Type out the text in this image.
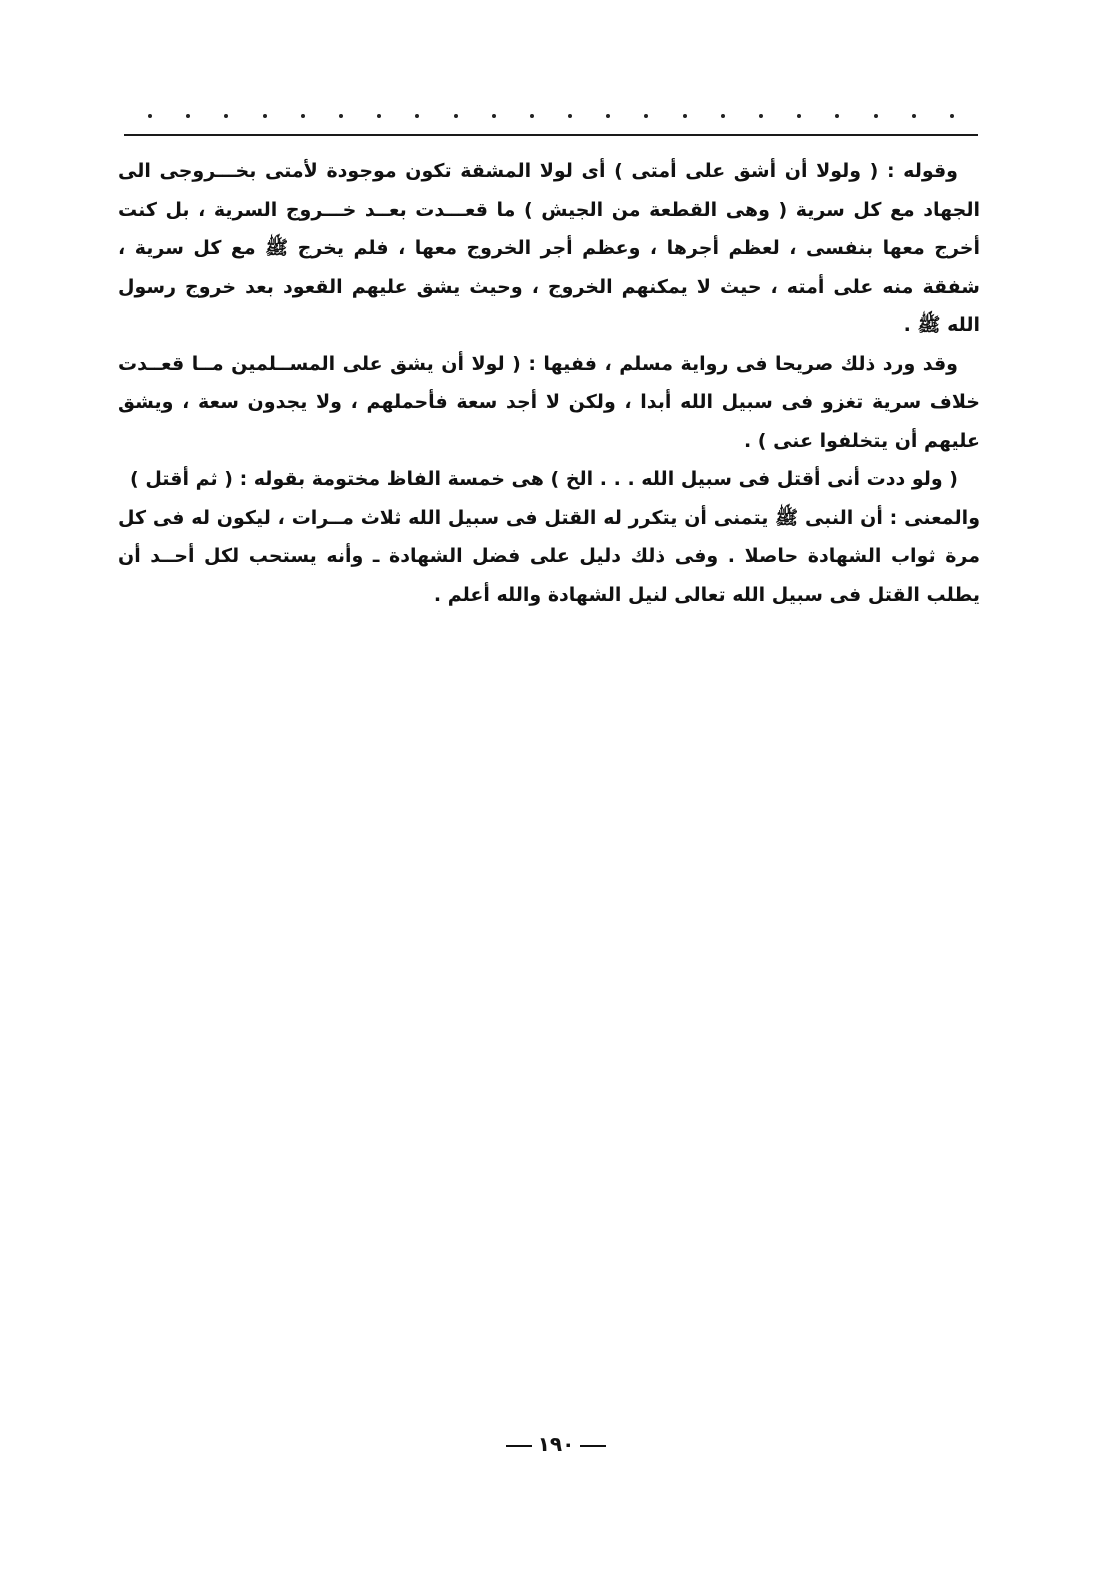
وقوله : ( ولولا أن أشق على أمتى ) أى لولا المشقة تكون موجودة لأمتى بخـــروجى الى الجهاد مع كل سرية ( وهى القطعة من الجيش ) ما قعـــدت بعــد خـــروج السرية ، بل كنت أخرج معها بنفسى ، لعظم أجرها ، وعظم أجر الخروج معها ، فلم يخرج ﷺ مع كل سرية ، شفقة منه على أمته ، حيث لا يمكنهم الخروج ، وحيث يشق عليهم القعود بعد خروج رسول الله ﷺ .

وقد ورد ذلك صريحا فى رواية مسلم ، ففيها : ( لولا أن يشق على المســلمين مــا قعــدت خلاف سرية تغزو فى سبيل الله أبدا ، ولكن لا أجد سعة فأحملهم ، ولا يجدون سعة ، ويشق عليهم أن يتخلفوا عنى ) .

( ولو ددت أنى أقتل فى سبيل الله . . . الخ ) هى خمسة الفاظ مختومة بقوله : ( ثم أقتل )

والمعنى : أن النبى ﷺ يتمنى أن يتكرر له القتل فى سبيل الله ثلاث مــرات ، ليكون له فى كل مرة ثواب الشهادة حاصلا . وفى ذلك دليل على فضل الشهادة ـ وأنه يستحب لكل أحــد أن يطلب القتل فى سبيل الله تعالى لنيل الشهادة والله أعلم .

١٩٠
